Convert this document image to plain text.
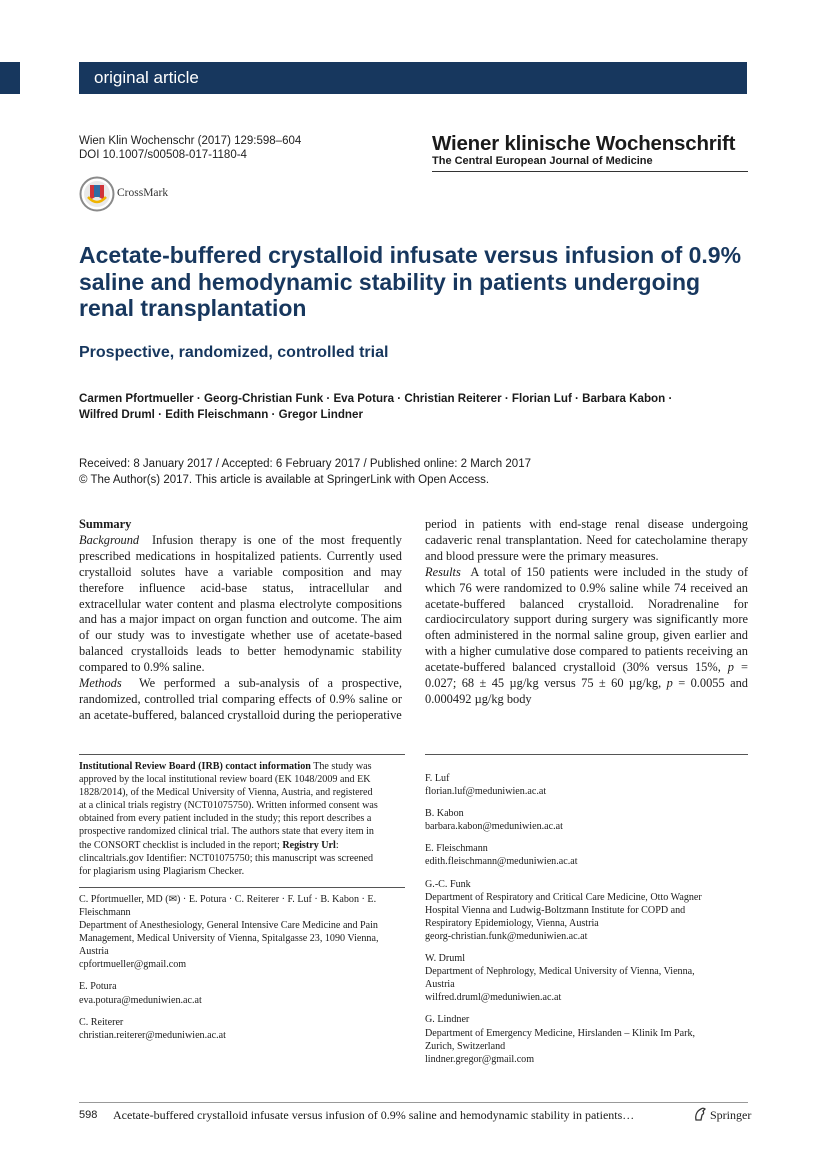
original article
Wien Klin Wochenschr (2017) 129:598–604
DOI 10.1007/s00508-017-1180-4	Wiener klinische Wochenschrift
The Central European Journal of Medicine
CrossMark
Acetate-buffered crystalloid infusate versus infusion of 0.9% saline and hemodynamic stability in patients undergoing renal transplantation
Prospective, randomized, controlled trial
Carmen Pfortmueller · Georg-Christian Funk · Eva Potura · Christian Reiterer · Florian Luf · Barbara Kabon ·
Wilfred Druml · Edith Fleischmann · Gregor Lindner
Received: 8 January 2017 / Accepted: 6 February 2017 / Published online: 2 March 2017
© The Author(s) 2017. This article is available at SpringerLink with Open Access.
Summary
Background Infusion therapy is one of the most frequently prescribed medications in hospitalized patients. Currently used crystalloid solutes have a variable composition and may therefore influence acid-base status, intracellular and extracellular water content and plasma electrolyte compositions and has a major impact on organ function and outcome. The aim of our study was to investigate whether use of acetate-based balanced crystalloids leads to better hemodynamic stability compared to 0.9% saline.
Methods We performed a sub-analysis of a prospective, randomized, controlled trial comparing effects of 0.9% saline or an acetate-buffered, balanced crystalloid during the perioperative
period in patients with end-stage renal disease undergoing cadaveric renal transplantation. Need for catecholamine therapy and blood pressure were the primary measures.
Results A total of 150 patients were included in the study of which 76 were randomized to 0.9% saline while 74 received an acetate-buffered balanced crystalloid. Noradrenaline for cardiocirculatory support during surgery was significantly more often administered in the normal saline group, given earlier and with a higher cumulative dose compared to patients receiving an acetate-buffered balanced crystalloid (30% versus 15%, p = 0.027; 68 ± 45 µg/kg versus 75 ± 60 µg/kg, p = 0.0055 and 0.000492 µg/kg body
Institutional Review Board (IRB) contact information The study was approved by the local institutional review board (EK 1048/2009 and EK 1828/2014), of the Medical University of Vienna, Austria, and registered at a clinical trials registry (NCT01075750). Written informed consent was obtained from every patient included in the study; this report describes a prospective randomized clinical trial. The authors state that every item in the CONSORT checklist is included in the report; Registry Url: clincaltrials.gov Identifier: NCT01075750; this manuscript was screened for plagiarism using Plagiarism Checker.
C. Pfortmueller, MD (✉) · E. Potura · C. Reiterer · F. Luf · B. Kabon · E. Fleischmann
Department of Anesthesiology, General Intensive Care Medicine and Pain Management, Medical University of Vienna, Spitalgasse 23, 1090 Vienna, Austria
cpfortmueller@gmail.com
E. Potura
eva.potura@meduniwien.ac.at
C. Reiterer
christian.reiterer@meduniwien.ac.at
F. Luf
florian.luf@meduniwien.ac.at
B. Kabon
barbara.kabon@meduniwien.ac.at
E. Fleischmann
edith.fleischmann@meduniwien.ac.at
G.-C. Funk
Department of Respiratory and Critical Care Medicine, Otto Wagner Hospital Vienna and Ludwig-Boltzmann Institute for COPD and Respiratory Epidemiology, Vienna, Austria
georg-christian.funk@meduniwien.ac.at
W. Druml
Department of Nephrology, Medical University of Vienna, Vienna, Austria
wilfred.druml@meduniwien.ac.at
G. Lindner
Department of Emergency Medicine, Hirslanden – Klinik Im Park, Zurich, Switzerland
lindner.gregor@gmail.com
598 Acetate-buffered crystalloid infusate versus infusion of 0.9% saline and hemodynamic stability in patients…	Springer
